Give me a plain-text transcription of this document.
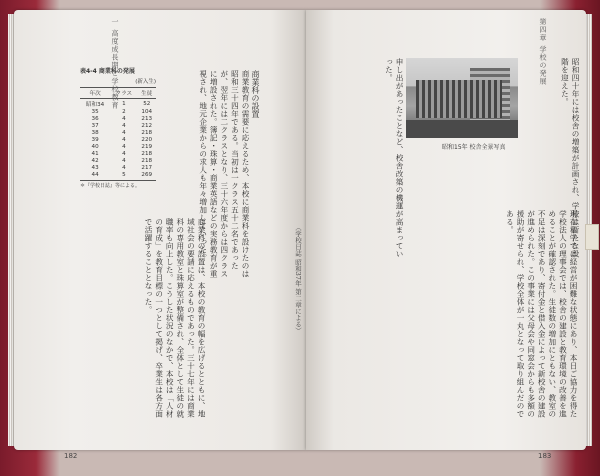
一 高度成長期と学校教育
表4-4 商業科の発展
(新入生)
年次	クラス	生徒
昭和34	1	52
35	2	104
36	4	213
37	4	212
38	4	218
39	4	220
40	4	219
41	4	218
42	4	218
43	4	217
44	5	269
＊『学校日誌』等による。
商業科の設置
商業教育の需要に応えるため、本校に商業科を設けたのは昭和三十四年である。当初は一クラス五十二名であったが、翌年には二クラスとなり、三十六年度からは四クラスに増設された。簿記・珠算・商業英語などの実務教育が重視され、地元企業からの求人も年々増加していった。
商業科の設置は、本校の教育の幅を広げるとともに、地域社会の要請に応えるものであった。三十七年には商業科の専用教室と珠算室が整備され、全体として生徒の就職率も向上した。こうした状況のなかで、本校は「人材の育成」を教育目標の一つとして掲げ、卒業生は各方面で活躍することとなった。	（学校日誌 昭和37年 第二章による）
182
第四章 学校の発展
昭和15年 校舎全景写真
申し出があったことなど、校舎改築の機運が高まっていった。	昭和四十年には校舎の増築が計画され、学校は新たな段階を迎えた。
現在私学では経営が困難な状態にあり、本日ご協力を得た学校法人の理事会では、校舎の建設と教育環境の改善を進めることが確認された。生徒数の増加にともない、教室の不足は深刻であり、寄付金と借入金によって新校舎の建設が進められた。この事業には父母会や同窓会からも多額の援助が寄せられ、学校全体が一丸となって取り組んだのである。
183
